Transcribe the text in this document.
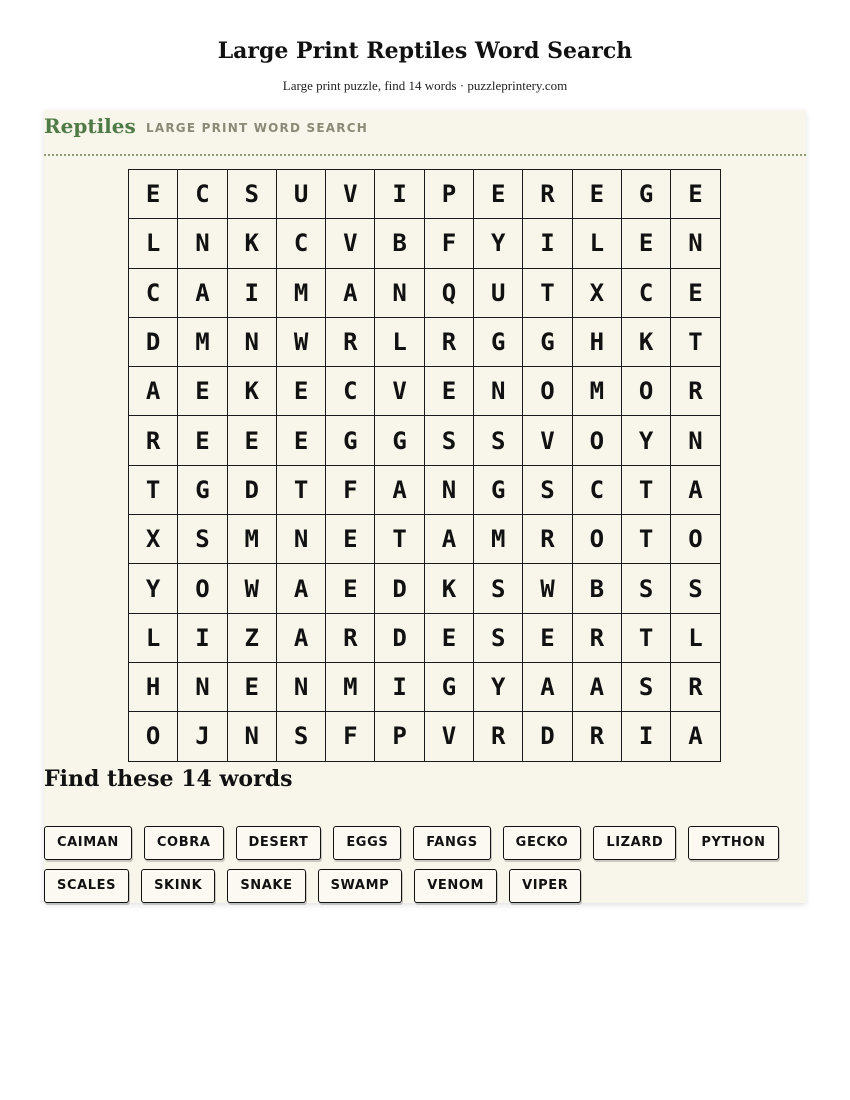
Large Print Reptiles Word Search

Large print puzzle, find 14 words · puzzleprintery.com

Reptiles LARGE PRINT WORD SEARCH
E	C	S	U	V	I	P	E	R	E	G	E
L	N	K	C	V	B	F	Y	I	L	E	N
C	A	I	M	A	N	Q	U	T	X	C	E
D	M	N	W	R	L	R	G	G	H	K	T
A	E	K	E	C	V	E	N	O	M	O	R
R	E	E	E	G	G	S	S	V	O	Y	N
T	G	D	T	F	A	N	G	S	C	T	A
X	S	M	N	E	T	A	M	R	O	T	O
Y	O	W	A	E	D	K	S	W	B	S	S
L	I	Z	A	R	D	E	S	E	R	T	L
H	N	E	N	M	I	G	Y	A	A	S	R
O	J	N	S	F	P	V	R	D	R	I	A
Find these 14 words
CAIMAN	COBRA	DESERT	EGGS	FANGS	GECKO	LIZARD	PYTHON
SCALES	SKINK	SNAKE	SWAMP	VENOM	VIPER
